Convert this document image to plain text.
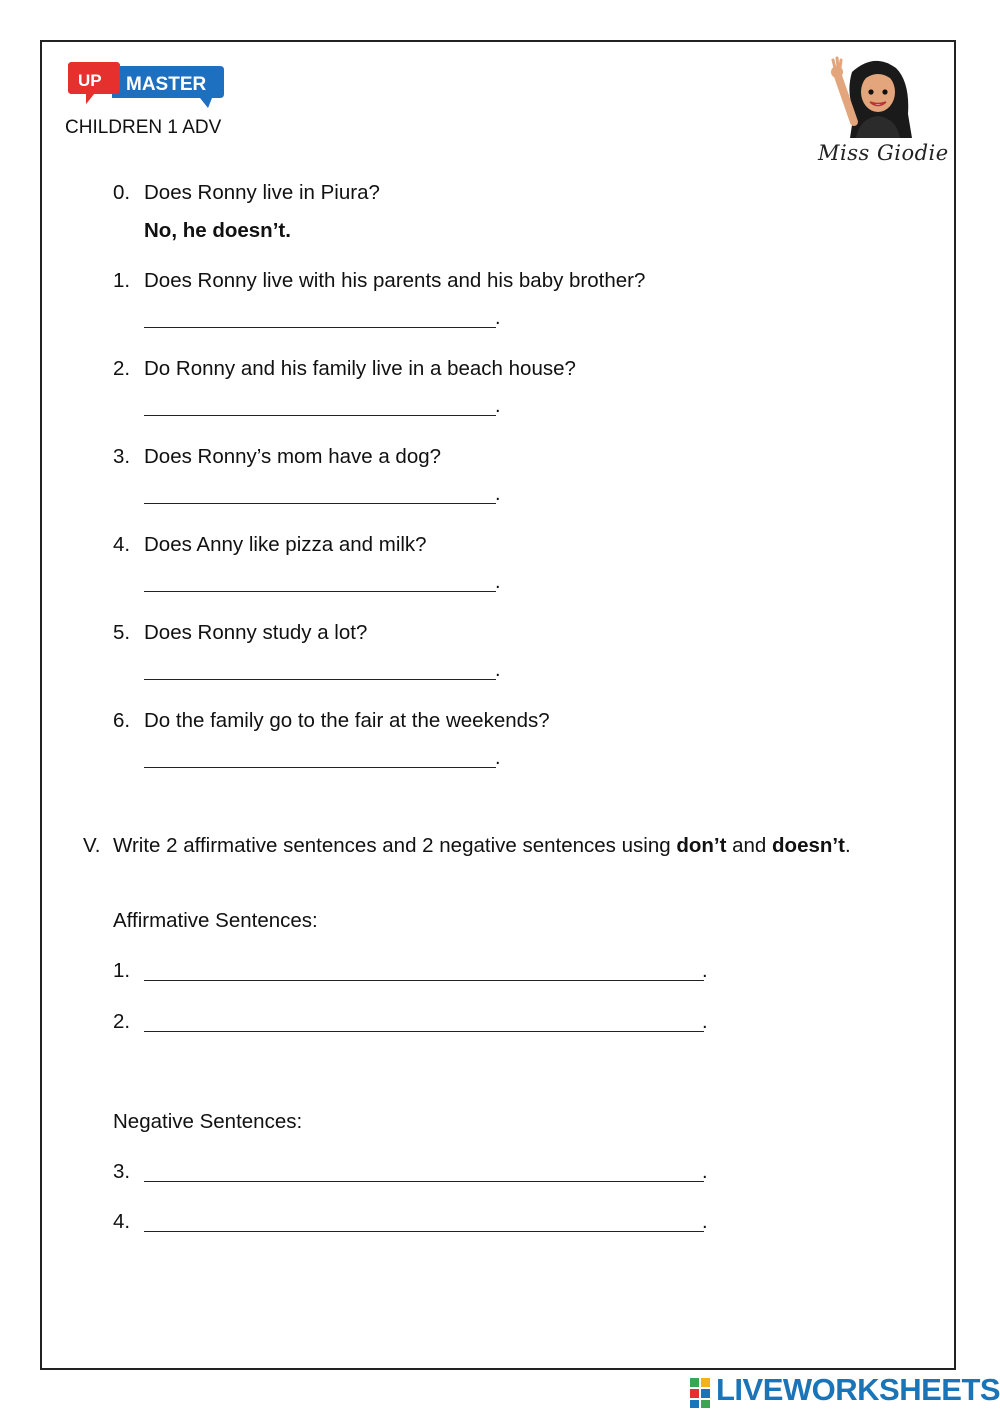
UP MASTER
CHILDREN 1 ADV
Miss Giodie
0. Does Ronny live in Piura?
No, he doesn’t.
1. Does Ronny live with his parents and his baby brother?
.
2. Do Ronny and his family live in a beach house?
.
3. Does Ronny’s mom have a dog?
.
4. Does Anny like pizza and milk?
.
5. Does Ronny study a lot?
.
6. Do the family go to the fair at the weekends?
.
V. Write 2 affirmative sentences and 2 negative sentences using don’t and doesn’t.
Affirmative Sentences:
1.	.
2.	.
Negative Sentences:
3.	.
4.	.
LIVEWORKSHEETS
